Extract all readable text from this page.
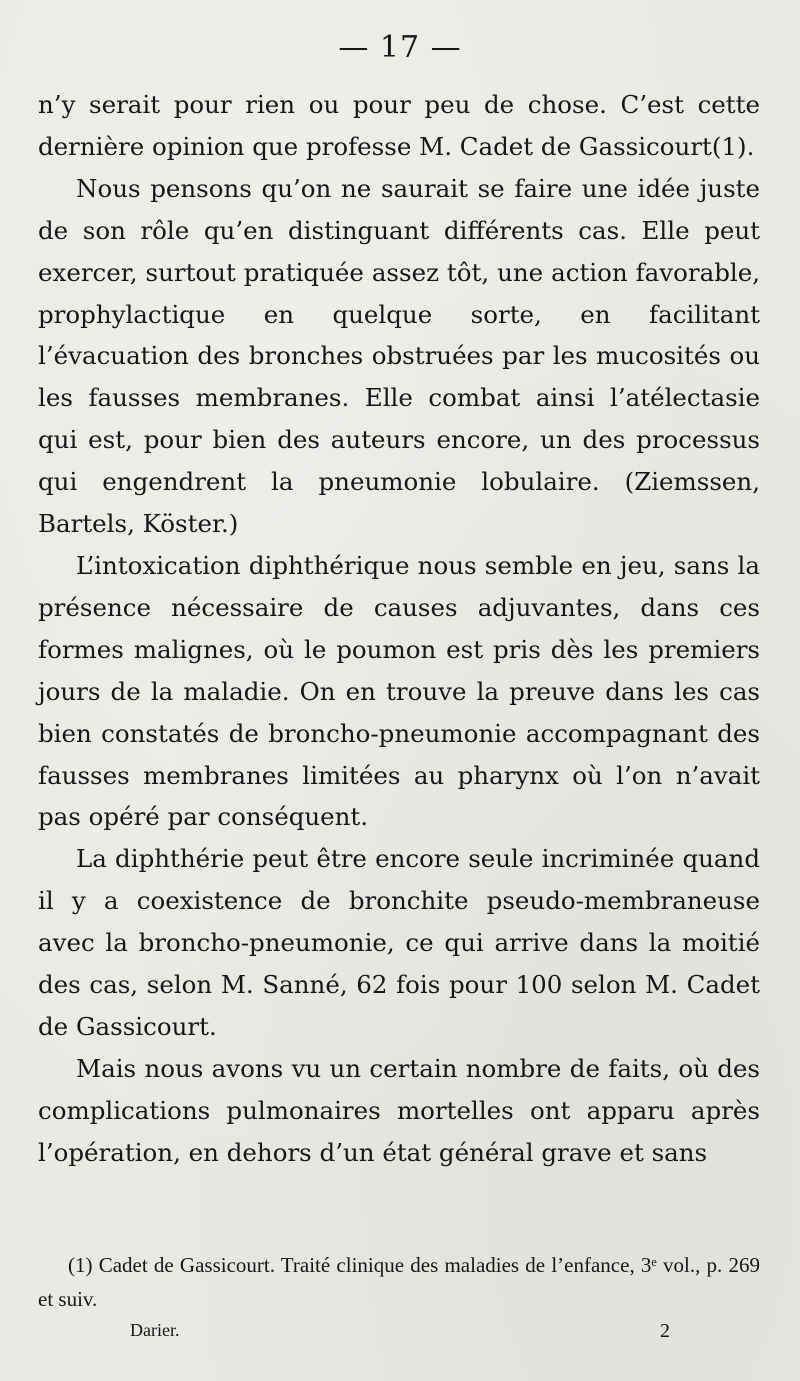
— 17 —

n’y serait pour rien ou pour peu de chose. C’est cette dernière opinion que professe M. Cadet de Gassicourt(1).

Nous pensons qu’on ne saurait se faire une idée juste de son rôle qu’en distinguant différents cas. Elle peut exercer, surtout pratiquée assez tôt, une action favorable, prophylactique en quelque sorte, en facilitant l’évacuation des bronches obstruées par les mucosités ou les fausses membranes. Elle combat ainsi l’atélectasie qui est, pour bien des auteurs encore, un des processus qui engendrent la pneumonie lobulaire. (Ziemssen, Bartels, Köster.)

L’intoxication diphthérique nous semble en jeu, sans la présence nécessaire de causes adjuvantes, dans ces formes malignes, où le poumon est pris dès les premiers jours de la maladie. On en trouve la preuve dans les cas bien constatés de broncho-pneumonie accompagnant des fausses membranes limitées au pharynx où l’on n’avait pas opéré par conséquent.

La diphthérie peut être encore seule incriminée quand il y a coexistence de bronchite pseudo-membraneuse avec la broncho-pneumonie, ce qui arrive dans la moitié des cas, selon M. Sanné, 62 fois pour 100 selon M. Cadet de Gassicourt.

Mais nous avons vu un certain nombre de faits, où des complications pulmonaires mortelles ont apparu après l’opération, en dehors d’un état général grave et sans

(1) Cadet de Gassicourt. Traité clinique des maladies de l’enfance, 3ᵉ vol., p. 269 et suiv.

Darier.	2
